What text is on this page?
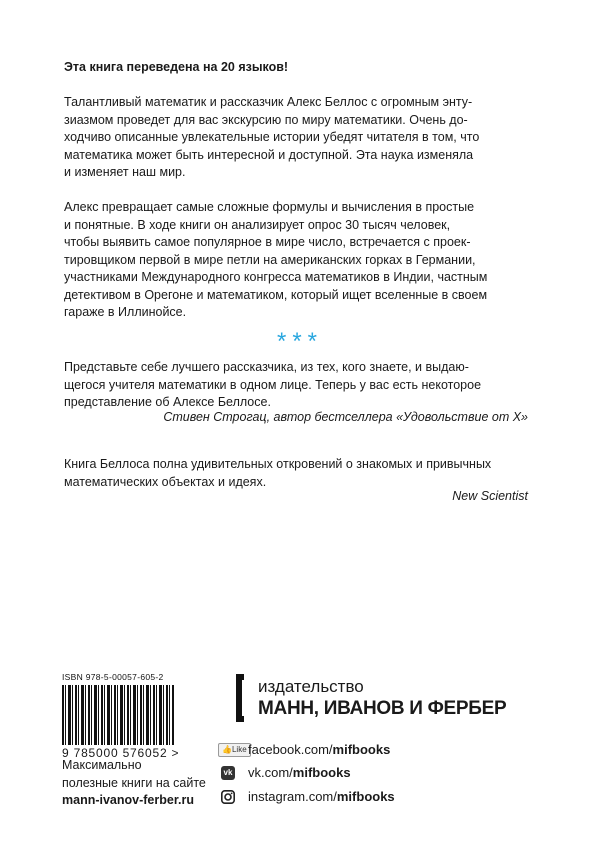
Эта книга переведена на 20 языков!
Талантливый математик и рассказчик Алекс Беллос с огромным энту-
зиазмом проведет для вас экскурсию по миру математики. Очень до-
ходчиво описанные увлекательные истории убедят читателя в том, что
математика может быть интересной и доступной. Эта наука изменяла
и изменяет наш мир.
Алекс превращает самые сложные формулы и вычисления в простые
и понятные. В ходе книги он анализирует опрос 30 тысяч человек,
чтобы выявить самое популярное в мире число, встречается с проек-
тировщиком первой в мире петли на американских горках в Германии,
участниками Международного конгресса математиков в Индии, частным
детективом в Орегоне и математиком, который ищет вселенные в своем
гараже в Иллинойсе.
***
Представьте себе лучшего рассказчика, из тех, кого знаете, и выдаю-
щегося учителя математики в одном лице. Теперь у вас есть некоторое
представление об Алексе Беллосе.
Стивен Строгац, автор бестселлера «Удовольствие от Х»
Книга Беллоса полна удивительных откровений о знакомых и привычных
математических объектах и идеях.
New Scientist
ISBN 978-5-00057-605-2
9 785000 576052 >
Максимально
полезные книги на сайте
mann-ivanov-ferber.ru
издательство
МАНН, ИВАНОВ И ФЕРБЕР
👍 Like facebook.com/ mifbooks
vk vk.com/ mifbooks
instagram.com/ mifbooks
